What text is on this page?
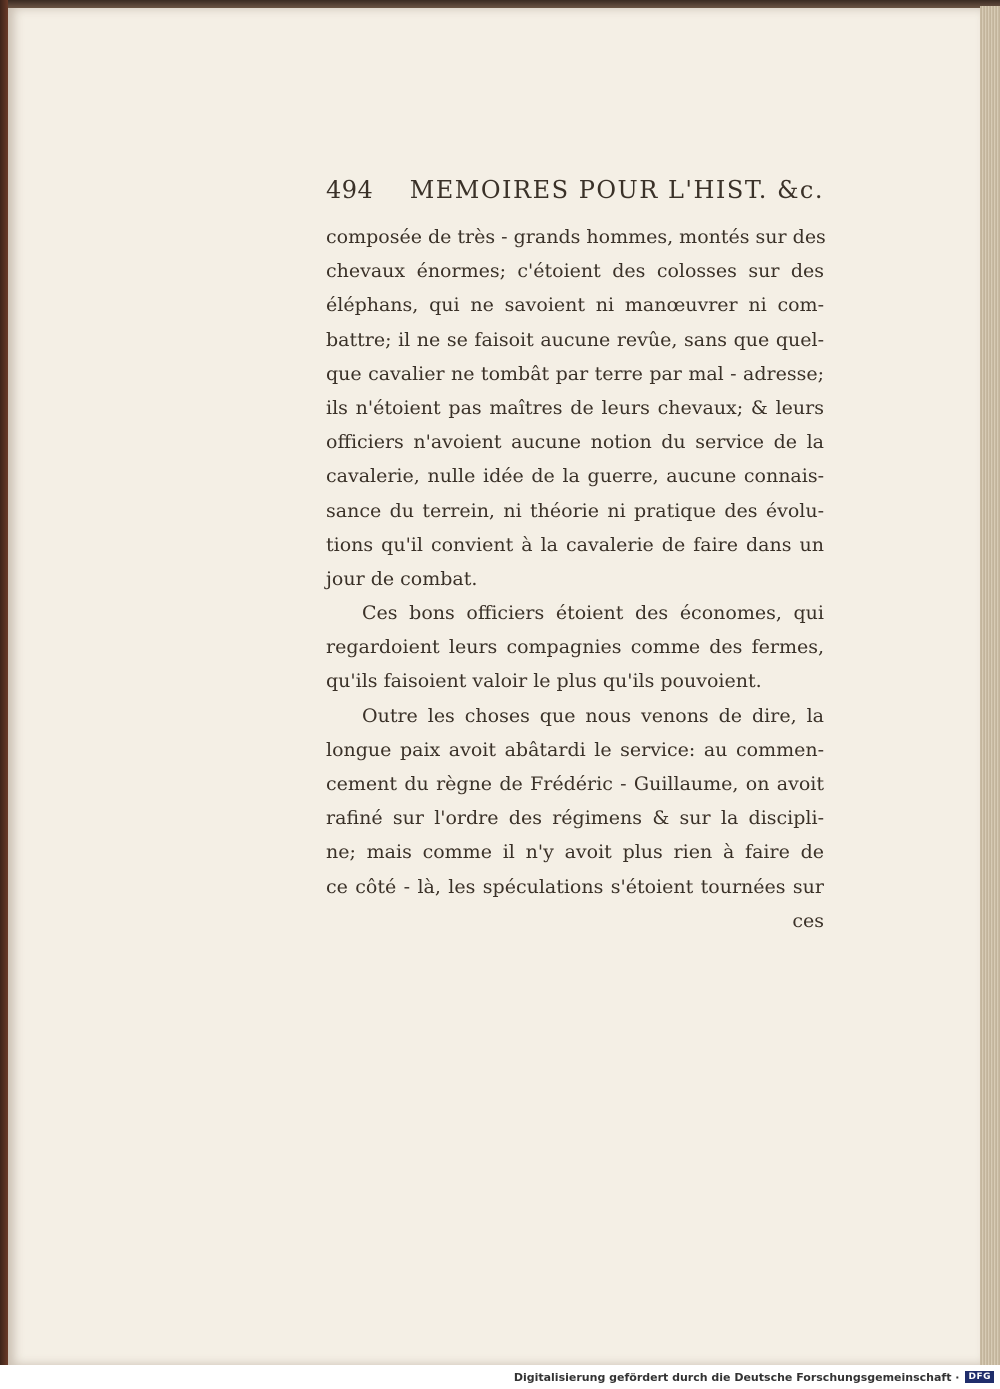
494 MEMOIRES POUR L'HIST. &c.
composée de très - grands hommes, montés sur des
chevaux énormes; c'étoient des colosses sur des
éléphans, qui ne savoient ni manœuvrer ni com-
battre; il ne se faisoit aucune revûe, sans que quel-
que cavalier ne tombât par terre par mal - adresse;
ils n'étoient pas maîtres de leurs chevaux; & leurs
officiers n'avoient aucune notion du service de la
cavalerie, nulle idée de la guerre, aucune connais-
sance du terrein, ni théorie ni pratique des évolu-
tions qu'il convient à la cavalerie de faire dans un
jour de combat.
Ces bons officiers étoient des économes, qui
regardoient leurs compagnies comme des fermes,
qu'ils faisoient valoir le plus qu'ils pouvoient.
Outre les choses que nous venons de dire, la
longue paix avoit abâtardi le service: au commen-
cement du règne de Frédéric - Guillaume, on avoit
rafiné sur l'ordre des régimens & sur la discipli-
ne; mais comme il n'y avoit plus rien à faire de
ce côté - là, les spéculations s'étoient tournées sur
ces
Digitalisierung gefördert durch die Deutsche Forschungsgemeinschaft ·	DFG
